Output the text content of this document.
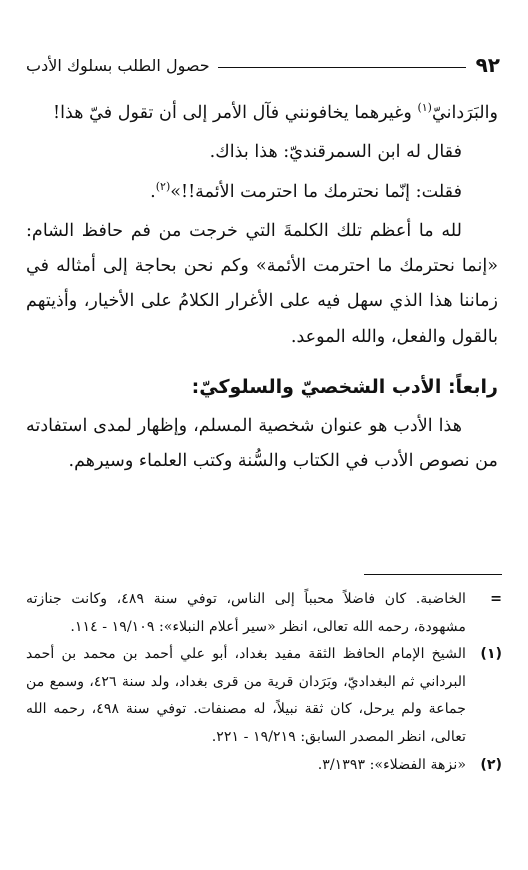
٩٢
حصول الطلب بسلوك الأدب

والبَرَدانيّ$^{(١)}$ وغيرهما يخافونني فآل الأمر إلى أن تقول فيّ هذا!

فقال له ابن السمرقنديّ: هذا بذاك.

فقلت: إنّما نحترمك ما احترمت الأئمة!!»$^{(٢)}$.

لله ما أعظم تلك الكلمةَ التي خرجت من فم حافظ الشام: «إنما نحترمك ما احترمت الأئمة» وكم نحن بحاجة إلى أمثاله في زماننا هذا الذي سهل فيه على الأغرار الكلامُ على الأخيار، وأذيتهم بالقول والفعل، والله الموعد.

رابعاً: الأدب الشخصيّ والسلوكيّ:

هذا الأدب هو عنوان شخصية المسلم، وإظهار لمدى استفادته من نصوص الأدب في الكتاب والسُّنة وكتب العلماء وسيرهم.

=
الخاضبة. كان فاضلاً محبباً إلى الناس، توفي سنة ٤٨٩، وكانت جنازته مشهودة، رحمه الله تعالى، انظر «سير أعلام النبلاء»: ١٩/١٠٩ - ١١٤.
(١)
الشيخ الإمام الحافظ الثقة مفيد بغداد، أبو علي أحمد بن محمد بن أحمد البرداني ثم البغداديّ، وبَرَدان قرية من قرى بغداد، ولد سنة ٤٢٦، وسمع من جماعة ولم يرحل، كان ثقة نبيلاً، له مصنفات. توفي سنة ٤٩٨، رحمه الله تعالى، انظر المصدر السابق: ١٩/٢١٩ - ٢٢١.
(٢)
«نزهة الفضلاء»: ٣/١٣٩٣.
